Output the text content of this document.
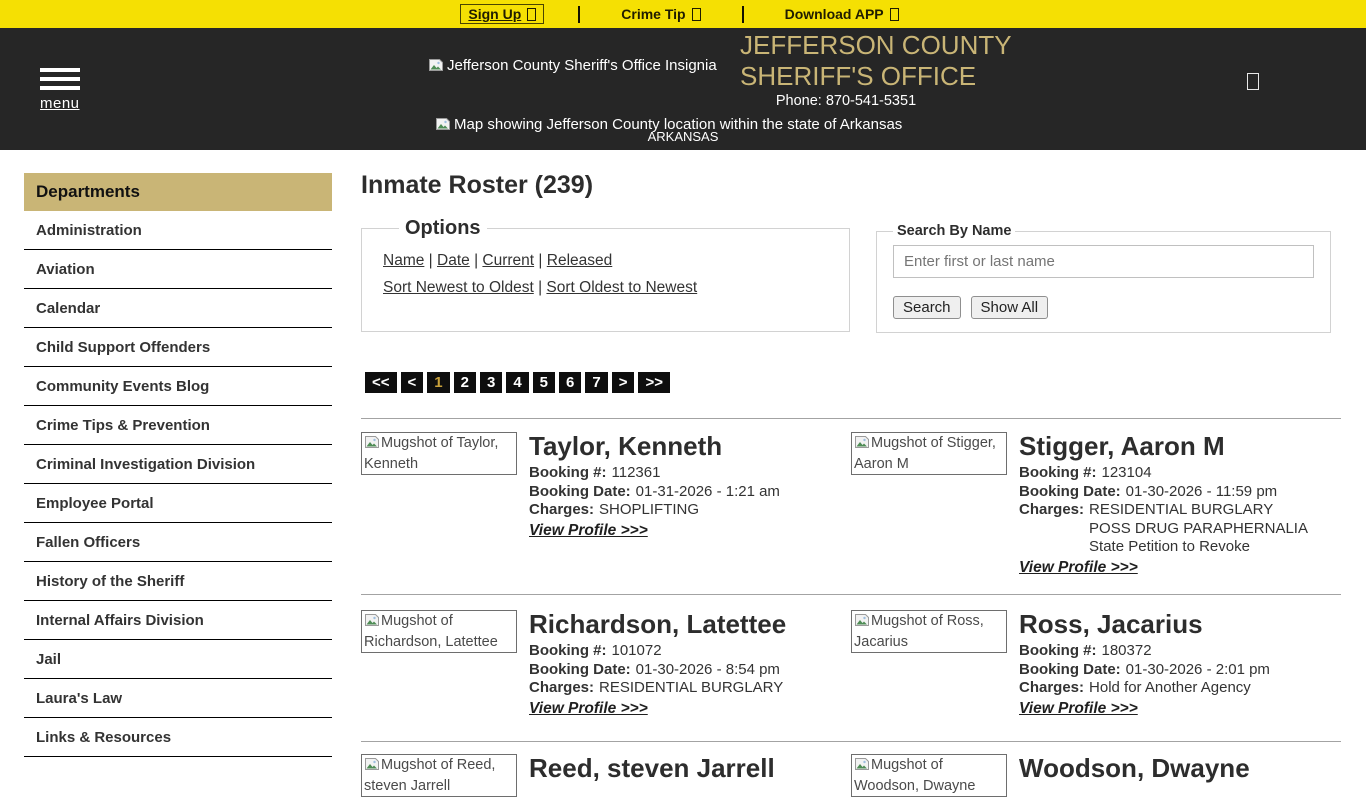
Sign Up	Crime Tip	Download APP
menu
Jefferson County Sheriff's Office Insignia
JEFFERSON COUNTY
SHERIFF'S OFFICE
Phone: 870-541-5351
Map showing Jefferson County location within the state of Arkansas
ARKANSAS
Departments
Administration
Aviation
Calendar
Child Support Offenders
Community Events Blog
Crime Tips & Prevention
Criminal Investigation Division
Employee Portal
Fallen Officers
History of the Sheriff
Internal Affairs Division
Jail
Laura's Law
Links & Resources
Inmate Roster (239)
Options
Name | Date | Current | Released
Sort Newest to Oldest | Sort Oldest to Newest
Search By Name
Enter first or last name
Search	Show All
<<	<	1	2	3	4	5	6	7	>	>>
Mugshot of Taylor, Kenneth
Taylor, Kenneth
Booking #: 112361
Booking Date: 01-31-2026 - 1:21 am
Charges: SHOPLIFTING
View Profile >>>
Mugshot of Stigger, Aaron M
Stigger, Aaron M
Booking #: 123104
Booking Date: 01-30-2026 - 11:59 pm
Charges: RESIDENTIAL BURGLARY
POSS DRUG PARAPHERNALIA
State Petition to Revoke
View Profile >>>
Mugshot of Richardson, Latettee
Richardson, Latettee
Booking #: 101072
Booking Date: 01-30-2026 - 8:54 pm
Charges: RESIDENTIAL BURGLARY
View Profile >>>
Mugshot of Ross, Jacarius
Ross, Jacarius
Booking #: 180372
Booking Date: 01-30-2026 - 2:01 pm
Charges: Hold for Another Agency
View Profile >>>
Mugshot of Reed, steven Jarrell
Reed, steven Jarrell	Mugshot of Woodson, Dwayne
Woodson, Dwayne
